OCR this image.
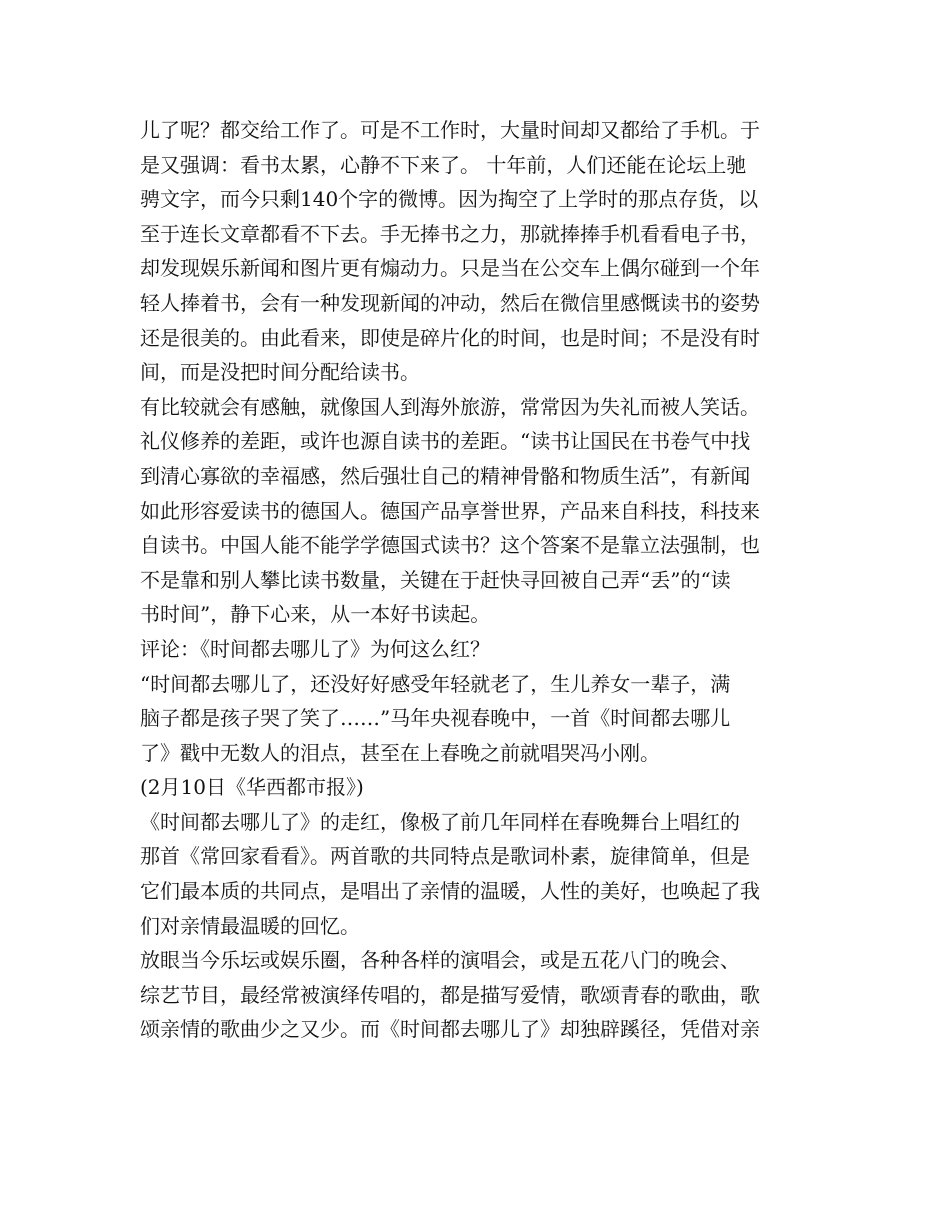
儿了呢？都交给工作了。可是不工作时，大量时间却又都给了手机。于
是又强调：看书太累，心静不下来了。 十年前，人们还能在论坛上驰
骋文字，而今只剩140个字的微博。因为掏空了上学时的那点存货，以
至于连长文章都看不下去。手无捧书之力，那就捧捧手机看看电子书，
却发现娱乐新闻和图片更有煽动力。只是当在公交车上偶尔碰到一个年
轻人捧着书，会有一种发现新闻的冲动，然后在微信里感慨读书的姿势
还是很美的。由此看来，即使是碎片化的时间，也是时间；不是没有时
间，而是没把时间分配给读书。
有比较就会有感触，就像国人到海外旅游，常常因为失礼而被人笑话。
礼仪修养的差距，或许也源自读书的差距。“读书让国民在书卷气中找
到清心寡欲的幸福感，然后强壮自己的精神骨骼和物质生活”，有新闻
如此形容爱读书的德国人。德国产品享誉世界，产品来自科技，科技来
自读书。中国人能不能学学德国式读书？这个答案不是靠立法强制，也
不是靠和别人攀比读书数量，关键在于赶快寻回被自己弄“丢”的“读
书时间”，静下心来，从一本好书读起。
评论：《时间都去哪儿了》为何这么红？
“时间都去哪儿了，还没好好感受年轻就老了，生儿养女一辈子，满
脑子都是孩子哭了笑了……”马年央视春晚中，一首《时间都去哪儿
了》戳中无数人的泪点，甚至在上春晚之前就唱哭冯小刚。
(2月10日《华西都市报》)
《时间都去哪儿了》的走红，像极了前几年同样在春晚舞台上唱红的
那首《常回家看看》。两首歌的共同特点是歌词朴素，旋律简单，但是
它们最本质的共同点，是唱出了亲情的温暖，人性的美好，也唤起了我
们对亲情最温暖的回忆。
放眼当今乐坛或娱乐圈，各种各样的演唱会，或是五花八门的晚会、
综艺节目，最经常被演绎传唱的，都是描写爱情，歌颂青春的歌曲，歌
颂亲情的歌曲少之又少。而《时间都去哪儿了》却独辟蹊径，凭借对亲
